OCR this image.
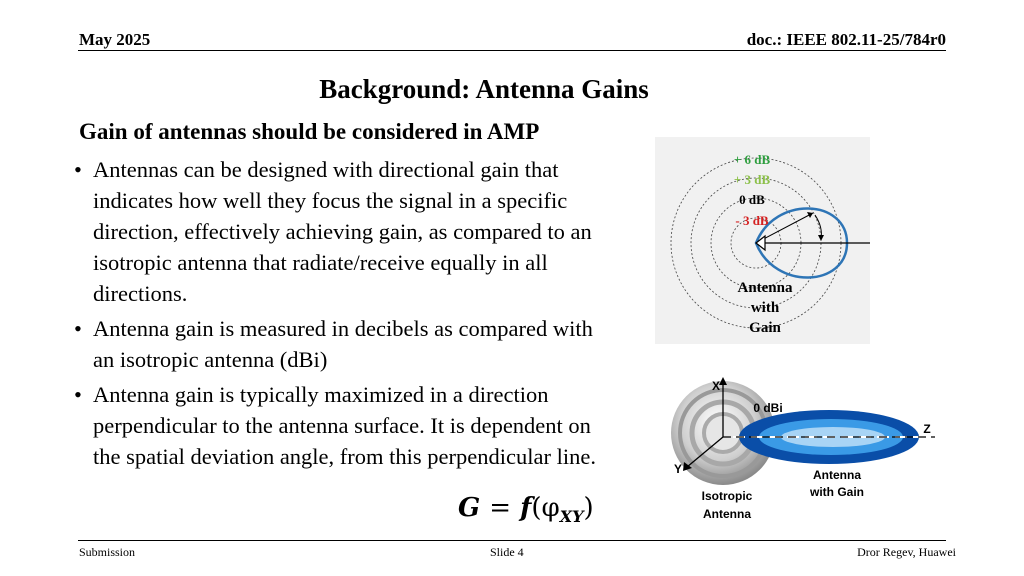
May 2025	doc.: IEEE 802.11-25/784r0
Background: Antenna Gains
Gain of antennas should be considered in AMP
• Antennas can be designed with directional gain that indicates how well they focus the signal in a specific direction, effectively achieving gain, as compared to an isotropic antenna that radiate/receive equally in all directions.
• Antenna gain is measured in decibels as compared with an isotropic antenna (dBi)
• Antenna gain is typically maximized in a direction perpendicular to the antenna surface. It is dependent on the spatial deviation angle, from this perpendicular line.
$G = f(\varphi_{XY})$
+ 6 dB
+ 3 dB
0 dB
- 3 dB
Antenna
with
Gain
X
Y
Z
0 dBi
Isotropic
Antenna
Antenna
with Gain
Submission	Slide 4	Dror Regev, Huawei
